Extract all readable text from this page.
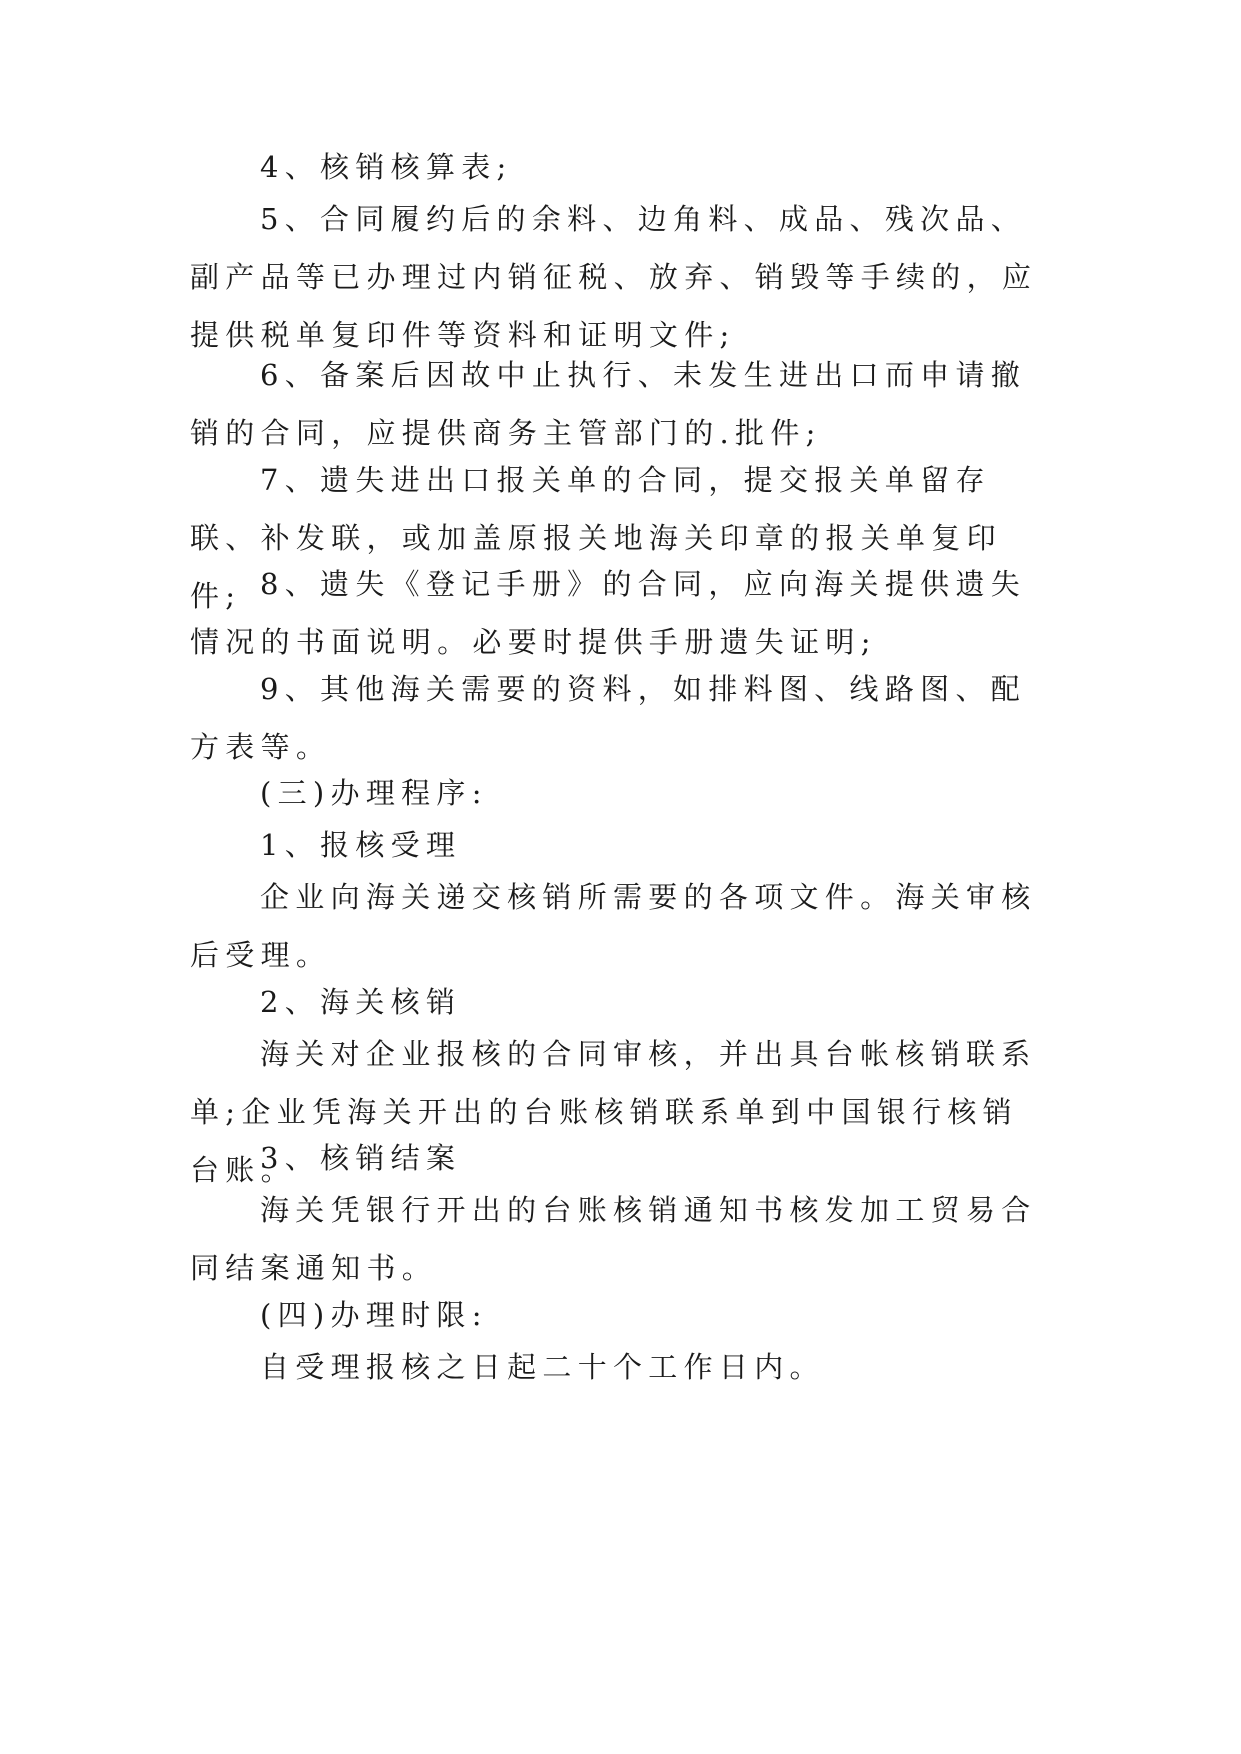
4、核销核算表;

5、合同履约后的余料、边角料、成品、残次品、副产品等已办理过内销征税、放弃、销毁等手续的，应提供税单复印件等资料和证明文件;

6、备案后因故中止执行、未发生进出口而申请撤销的合同，应提供商务主管部门的.批件;

7、遗失进出口报关单的合同，提交报关单留存联、补发联，或加盖原报关地海关印章的报关单复印件; 8、遗失《登记手册》的合同，应向海关提供遗失情况的书面说明。必要时提供手册遗失证明;

9、其他海关需要的资料，如排料图、线路图、配方表等。

(三)办理程序:

1、报核受理

企业向海关递交核销所需要的各项文件。海关审核后受理。

2、海关核销

海关对企业报核的合同审核，并出具台帐核销联系单;企业凭海关开出的台账核销联系单到中国银行核销台账。

3、核销结案

海关凭银行开出的台账核销通知书核发加工贸易合同结案通知书。

(四)办理时限:

自受理报核之日起二十个工作日内。
